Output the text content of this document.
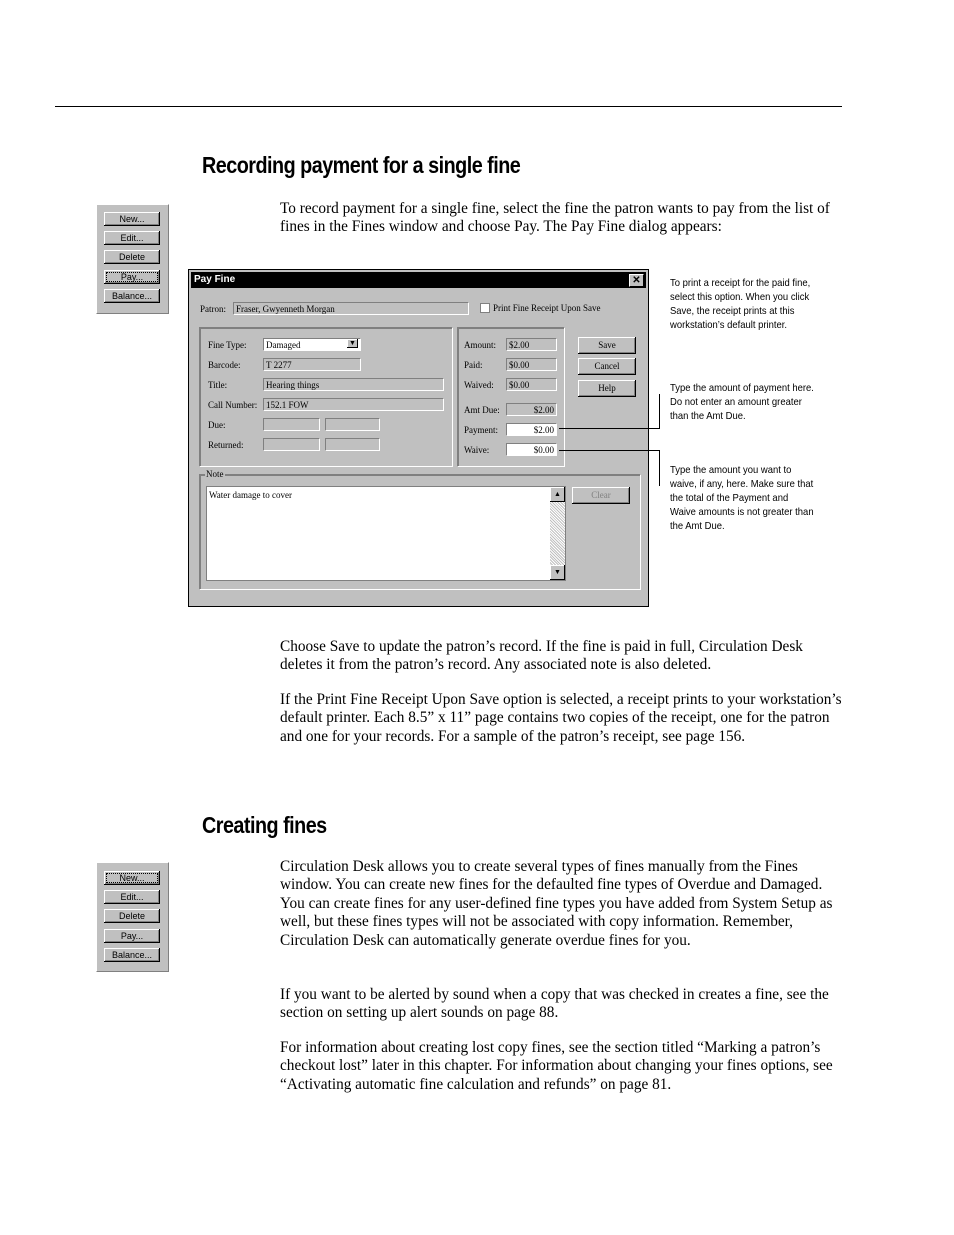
Recording payment for a single fine
New...
Edit...
Delete
Pay...
Balance...

To record payment for a single fine, select the fine the patron wants to pay from the list of fines in the Fines window and choose Pay. The Pay Fine dialog appears:

Pay Fine	✕
Patron:	Fraser, Gwyenneth Morgan	Print Fine Receipt Upon Save
Fine Type:	Damaged	▼
Barcode:	T 2277
Title:	Hearing things
Call Number: 152.1 FOW
Due:
Returned:
Amount:	$2.00
Paid:	$0.00
Waived:	$0.00
Amt Due:	$2.00
Payment:	$2.00
Waive:	$0.00
Save
Cancel
Help
Note
Water damage to cover	▲
▼
Clear
To print a receipt for the paid fine, select this option. When you click Save, the receipt prints at this workstation’s default printer.
Type the amount of payment here. Do not enter an amount greater than the Amt Due.
Type the amount you want to waive, if any, here. Make sure that the total of the Payment and Waive amounts is not greater than the Amt Due.

Choose Save to update the patron’s record. If the fine is paid in full, Circulation Desk deletes it from the patron’s record. Any associated note is also deleted.

If the Print Fine Receipt Upon Save option is selected, a receipt prints to your workstation’s default printer. Each 8.5” x 11” page contains two copies of the receipt, one for the patron and one for your records. For a sample of the patron’s receipt, see page 156.

Creating fines
New...
Edit...
Delete
Pay...
Balance...

Circulation Desk allows you to create several types of fines manually from the Fines window. You can create new fines for the defaulted fine types of Overdue and Damaged. You can create fines for any user-defined fine types you have added from System Setup as well, but these fines types will not be associated with copy information. Remember, Circulation Desk can automatically generate overdue fines for you.

If you want to be alerted by sound when a copy that was checked in creates a fine, see the section on setting up alert sounds on page 88.

For information about creating lost copy fines, see the section titled “Marking a patron’s checkout lost” later in this chapter. For information about changing your fines options, see “Activating automatic fine calculation and refunds” on page 81.
